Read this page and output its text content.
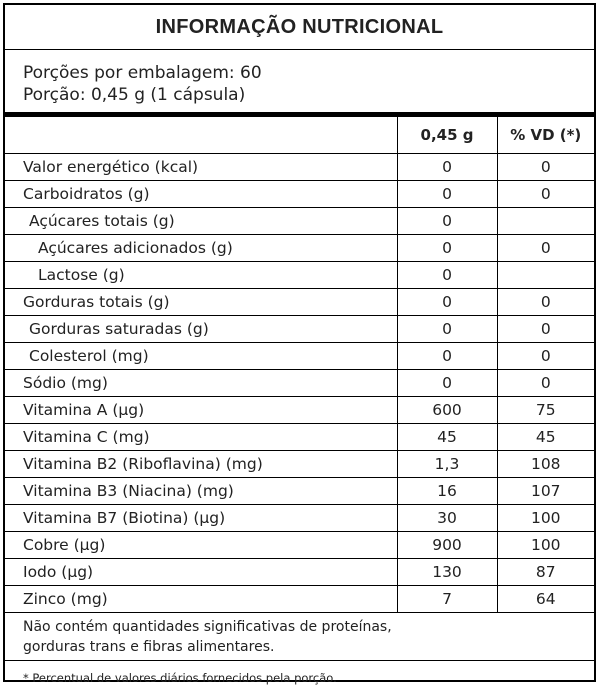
INFORMAÇÃO NUTRICIONAL
Porções por embalagem: 60
Porção: 0,45 g (1 cápsula)
	0,45 g	% VD (*)
Valor energético (kcal)	0	0
Carboidratos (g)	0	0
Açúcares totais (g)	0	
Açúcares adicionados (g)	0	0
Lactose (g)	0	
Gorduras totais (g)	0	0
Gorduras saturadas (g)	0	0
Colesterol (mg)	0	0
Sódio (mg)	0	0
Vitamina A (µg)	600	75
Vitamina C (mg)	45	45
Vitamina B2 (Riboflavina) (mg)	1,3	108
Vitamina B3 (Niacina) (mg)	16	107
Vitamina B7 (Biotina) (µg)	30	100
Cobre (µg)	900	100
Iodo (µg)	130	87
Zinco (mg)	7	64
Não contém quantidades significativas de proteínas,
gorduras trans e fibras alimentares.
* Percentual de valores diários fornecidos pela porção.
